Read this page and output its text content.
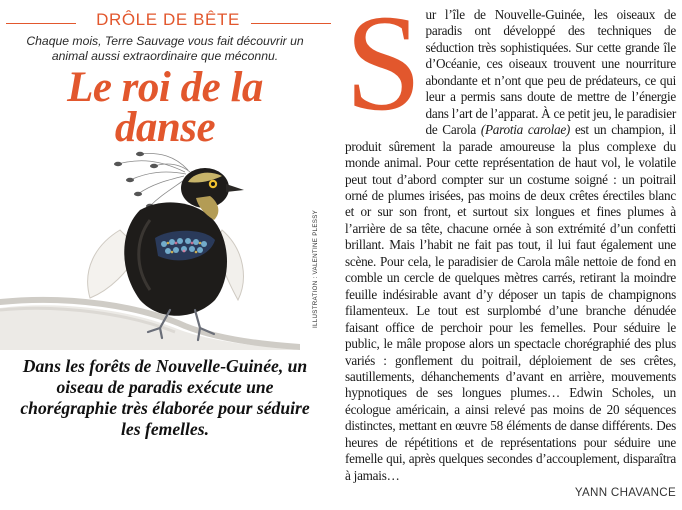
DRÔLE DE BÊTE
Chaque mois, Terre Sauvage vous fait découvrir un animal aussi extraordinaire que méconnu.
Le roi de la danse
ILLUSTRATION : VALENTINE PLESSY
Dans les forêts de Nouvelle-Guinée, un oiseau de paradis exécute une chorégraphie très élaborée pour séduire les femelles.
Sur l’île de Nouvelle-Guinée, les oiseaux de paradis ont développé des techniques de séduction très sophistiquées. Sur cette grande île d’Océanie, ces oiseaux trouvent une nourriture abondante et n’ont que peu de prédateurs, ce qui leur a permis sans doute de mettre de l’énergie dans l’art de l’apparat. À ce petit jeu, le paradisier de Carola (Parotia carolae) est un champion, il produit sûrement la parade amoureuse la plus complexe du monde animal. Pour cette représentation de haut vol, le volatile peut tout d’abord compter sur un costume soigné : un poitrail orné de plumes irisées, pas moins de deux crêtes érectiles blanc et or sur son front, et surtout six longues et fines plumes à l’arrière de sa tête, chacune ornée à son extrémité d’un confetti brillant. Mais l’habit ne fait pas tout, il lui faut également une scène. Pour cela, le paradisier de Carola mâle nettoie de fond en comble un cercle de quelques mètres carrés, retirant la moindre feuille indésirable avant d’y déposer un tapis de champignons filamenteux. Le tout est surplombé d’une branche dénudée faisant office de perchoir pour les femelles. Pour séduire le public, le mâle propose alors un spectacle chorégraphié des plus variés : gonflement du poitrail, déploiement de ses crêtes, sautillements, déhanchements d’avant en arrière, mouvements hypnotiques de ses longues plumes… Edwin Scholes, un écologue américain, a ainsi relevé pas moins de 20 séquences distinctes, mettant en œuvre 58 éléments de danse différents. Des heures de répétitions et de représentations pour séduire une femelle qui, après quelques secondes d’accouplement, disparaîtra à jamais…
YANN CHAVANCE
